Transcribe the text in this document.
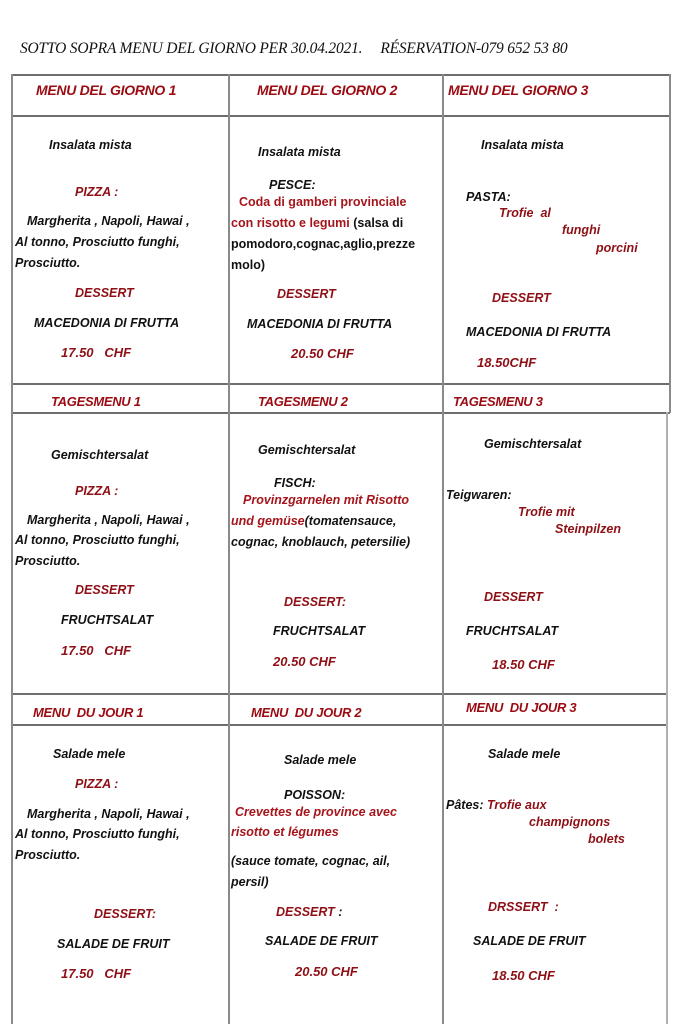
SOTTO SOPRA MENU DEL GIORNO PER 30.04.2021. RÉSERVATION-079 652 53 80
MENU DEL GIORNO 1	MENU DEL GIORNO 2	MENU DEL GIORNO 3
Insalata mista
PIZZA :
Margherita , Napoli, Hawai ,
Al tonno, Prosciutto funghi,
Prosciutto.
DESSERT
MACEDONIA DI FRUTTA
17.50   CHF
Insalata mista
PESCE:
Coda di gamberi provinciale
con risotto e legumi (salsa di
pomodoro,cognac,aglio,prezze
molo)
DESSERT
MACEDONIA DI FRUTTA
20.50 CHF
Insalata mista
PASTA:
Trofie  al
funghi
porcini
DESSERT
MACEDONIA DI FRUTTA
18.50CHF
TAGESMENU 1	TAGESMENU 2	TAGESMENU 3
Gemischtersalat
PIZZA :
Margherita , Napoli, Hawai ,
Al tonno, Prosciutto funghi,
Prosciutto.
DESSERT
FRUCHTSALAT
17.50   CHF
Gemischtersalat
FISCH:
Provinzgarnelen mit Risotto
und gemüse(tomatensauce,
cognac, knoblauch, petersilie)
DESSERT:
FRUCHTSALAT
20.50 CHF
Gemischtersalat
Teigwaren:
Trofie mit
Steinpilzen
DESSERT
FRUCHTSALAT
18.50 CHF
MENU  DU JOUR 1	MENU  DU JOUR 2	MENU  DU JOUR 3
Salade mele
PIZZA :
Margherita , Napoli, Hawai ,
Al tonno, Prosciutto funghi,
Prosciutto.
DESSERT:
SALADE DE FRUIT
17.50   CHF
Salade mele
POISSON:
Crevettes de province avec
risotto et légumes
(sauce tomate, cognac, ail,
persil)
DESSERT :
SALADE DE FRUIT
20.50 CHF
Salade mele
Pâtes: Trofie aux
champignons
bolets
DRSSERT  :
SALADE DE FRUIT
18.50 CHF
